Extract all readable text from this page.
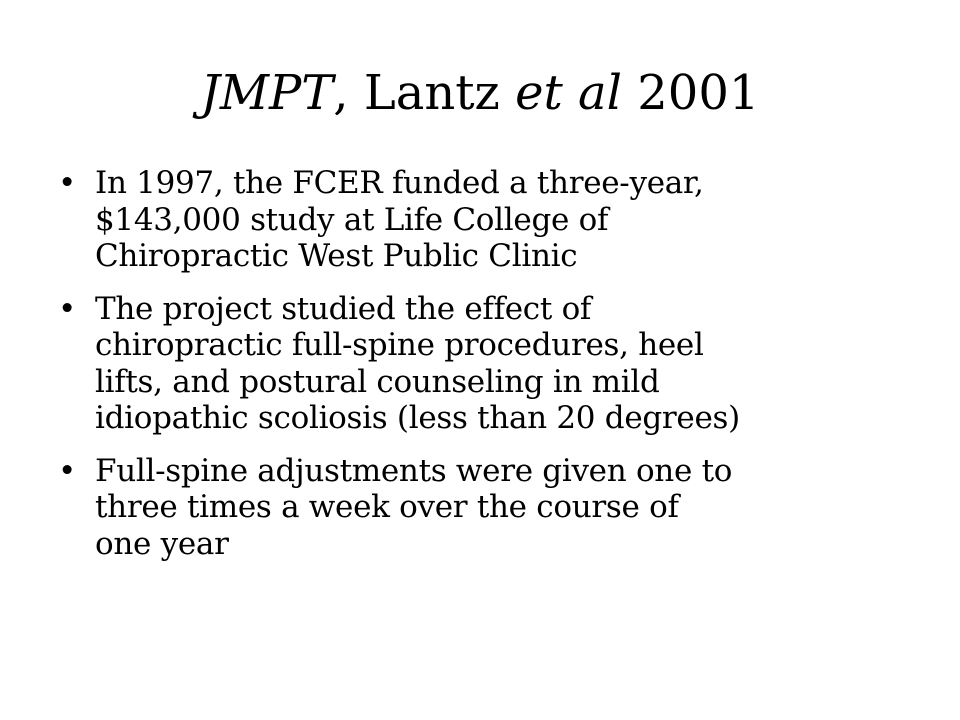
JMPT, Lantz et al 2001
• In 1997, the FCER funded a three-year,
$143,000 study at Life College of
Chiropractic West Public Clinic
• The project studied the effect of
chiropractic full-spine procedures, heel
lifts, and postural counseling in mild
idiopathic scoliosis (less than 20 degrees)
• Full-spine adjustments were given one to
three times a week over the course of
one year
